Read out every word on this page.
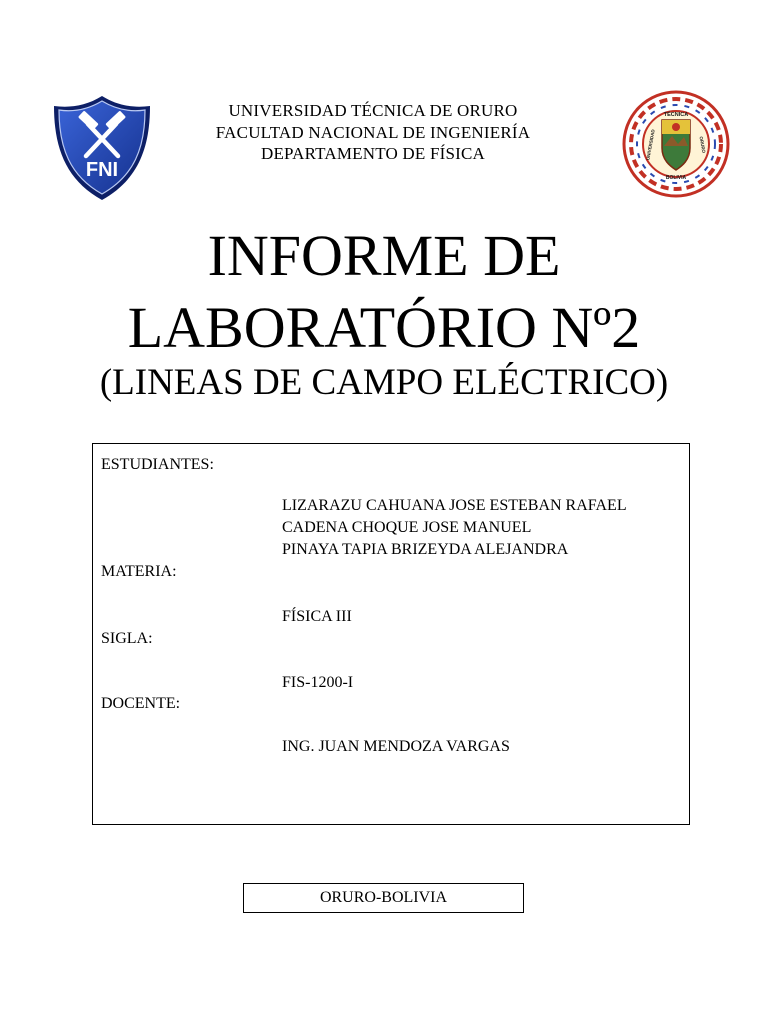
FNI
UNIVERSIDAD TÉCNICA DE ORURO
FACULTAD NACIONAL DE INGENIERÍA
DEPARTAMENTO DE FÍSICA
TÉCNICA
BOLIVIA
UNIVERSIDAD	ORURO
INFORME DE
LABORATÓRIO Nº2
(LINEAS DE CAMPO ELÉCTRICO)
ESTUDIANTES:
LIZARAZU CAHUANA JOSE ESTEBAN RAFAEL
CADENA CHOQUE JOSE MANUEL
PINAYA TAPIA BRIZEYDA ALEJANDRA
MATERIA:
FÍSICA III
SIGLA:
FIS-1200-I
DOCENTE:
ING. JUAN MENDOZA VARGAS
ORURO-BOLIVIA
